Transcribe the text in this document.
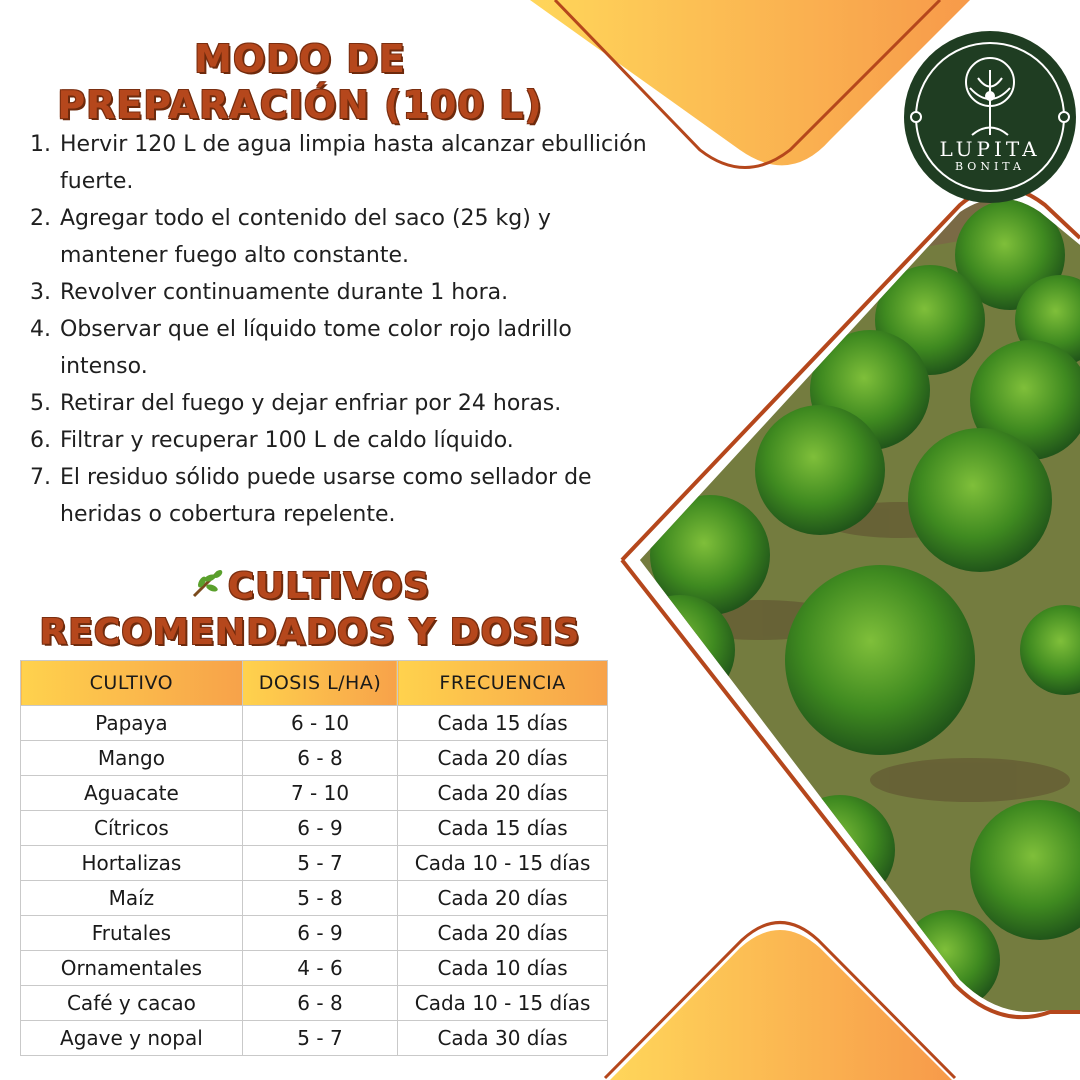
LUPITA
BONITA
MODO DE
PREPARACIÓN (100 L)
1. Hervir 120 L de agua limpia hasta alcanzar ebullición fuerte.
2. Agregar todo el contenido del saco (25 kg) y mantener fuego alto constante.
3. Revolver continuamente durante 1 hora.
4. Observar que el líquido tome color rojo ladrillo intenso.
5. Retirar del fuego y dejar enfriar por 24 horas.
6. Filtrar y recuperar 100 L de caldo líquido.
7. El residuo sólido puede usarse como sellador de heridas o cobertura repelente.
CULTIVOS
RECOMENDADOS Y DOSIS
CULTIVO	DOSIS L/HA)	FRECUENCIA
Papaya	6 - 10	Cada 15 días
Mango	6 - 8	Cada 20 días
Aguacate	7 - 10	Cada 20 días
Cítricos	6 - 9	Cada 15 días
Hortalizas	5 - 7	Cada 10 - 15 días
Maíz	5 - 8	Cada 20 días
Frutales	6 - 9	Cada 20 días
Ornamentales	4 - 6	Cada 10 días
Café y cacao	6 - 8	Cada 10 - 15 días
Agave y nopal	5 - 7	Cada 30 días
